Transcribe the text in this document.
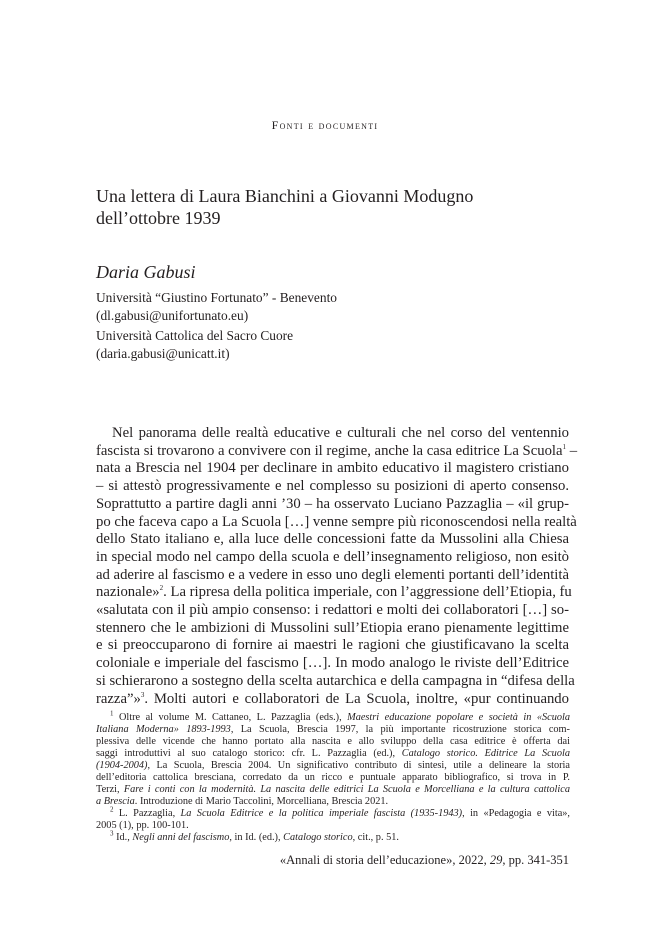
Fonti e documenti
Una lettera di Laura Bianchini a Giovanni Modugno dell’ottobre 1939

Daria Gabusi

Università “Giustino Fortunato” - Benevento
(dl.gabusi@unifortunato.eu)

Università Cattolica del Sacro Cuore
(daria.gabusi@unicatt.it)

Nel panorama delle realtà educative e culturali che nel corso del ventennio
fascista si trovarono a convivere con il regime, anche la casa editrice La Scuola$^1$ –
nata a Brescia nel 1904 per declinare in ambito educativo il magistero cristiano
– si attestò progressivamente e nel complesso su posizioni di aperto consenso.
Soprattutto a partire dagli anni ’30 – ha osservato Luciano Pazzaglia – «il grup-
po che faceva capo a La Scuola […] venne sempre più riconoscendosi nella realtà
dello Stato italiano e, alla luce delle concessioni fatte da Mussolini alla Chiesa
in special modo nel campo della scuola e dell’insegnamento religioso, non esitò
ad aderire al fascismo e a vedere in esso uno degli elementi portanti dell’identità
nazionale»$^2$. La ripresa della politica imperiale, con l’aggressione dell’Etiopia, fu
«salutata con il più ampio consenso: i redattori e molti dei collaboratori […] so-
stennero che le ambizioni di Mussolini sull’Etiopia erano pienamente legittime
e si preoccuparono di fornire ai maestri le ragioni che giustificavano la scelta
coloniale e imperiale del fascismo […]. In modo analogo le riviste dell’Editrice
si schierarono a sostegno della scelta autarchica e della campagna in “difesa della
razza”»$^3$. Molti autori e collaboratori de La Scuola, inoltre, «pur continuando
$^1$ Oltre al volume M. Cattaneo, L. Pazzaglia (eds.), Maestri educazione popolare e società in «Scuola
Italiana Moderna» 1893-1993, La Scuola, Brescia 1997, la più importante ricostruzione storica com-
plessiva delle vicende che hanno portato alla nascita e allo sviluppo della casa editrice è offerta dai
saggi introduttivi al suo catalogo storico: cfr. L. Pazzaglia (ed.), Catalogo storico. Editrice La Scuola
(1904-2004), La Scuola, Brescia 2004. Un significativo contributo di sintesi, utile a delineare la storia
dell’editoria cattolica bresciana, corredato da un ricco e puntuale apparato bibliografico, si trova in P.
Terzi, Fare i conti con la modernità. La nascita delle editrici La Scuola e Morcelliana e la cultura cattolica
a Brescia. Introduzione di Mario Taccolini, Morcelliana, Brescia 2021.
$^2$ L. Pazzaglia, La Scuola Editrice e la politica imperiale fascista (1935-1943), in «Pedagogia e vita»,
2005 (1), pp. 100-101.
$^3$ Id., Negli anni del fascismo, in Id. (ed.), Catalogo storico, cit., p. 51.

«Annali di storia dell’educazione», 2022, 29, pp. 341-351
